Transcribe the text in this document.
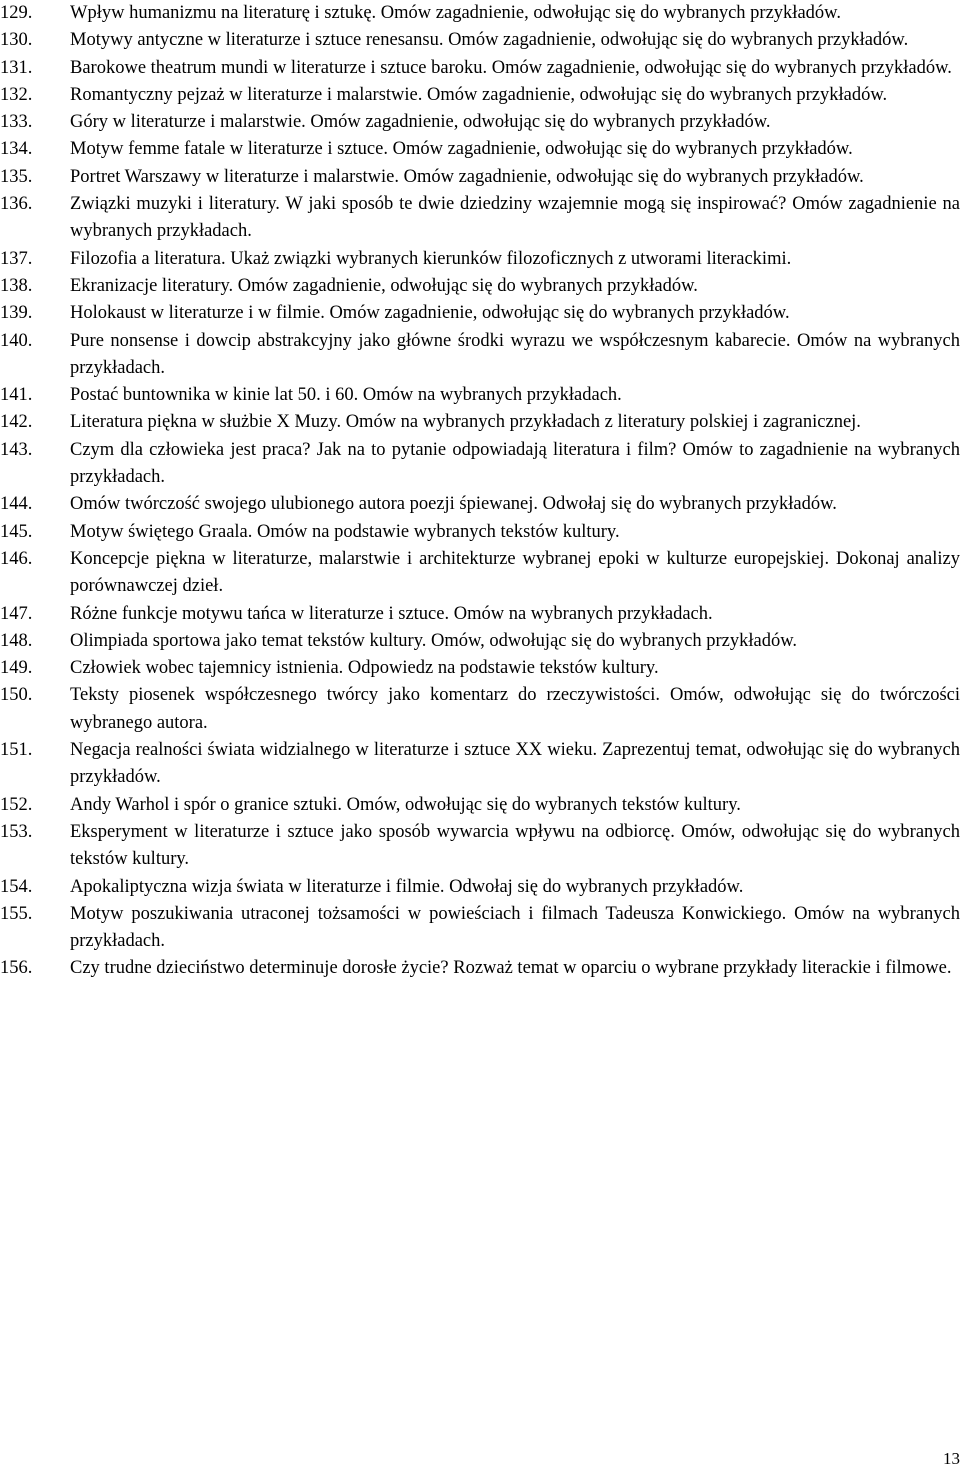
129.	Wpływ humanizmu na literaturę i sztukę. Omów zagadnienie, odwołując się do wybranych przykładów.
130.	Motywy antyczne w literaturze i sztuce renesansu. Omów zagadnienie, odwołując się do wybranych przykładów.
131.	Barokowe theatrum mundi w literaturze i sztuce baroku. Omów zagadnienie, odwołując się do wybranych przykładów.
132.	Romantyczny pejzaż w literaturze i malarstwie. Omów zagadnienie, odwołując się do wybranych przykładów.
133.	Góry w literaturze i malarstwie. Omów zagadnienie, odwołując się do wybranych przykładów.
134.	Motyw femme fatale w literaturze i sztuce. Omów zagadnienie, odwołując się do wybranych przykładów.
135.	Portret Warszawy w literaturze i malarstwie. Omów zagadnienie, odwołując się do wybranych przykładów.
136.	Związki muzyki i literatury. W jaki sposób te dwie dziedziny wzajemnie mogą się inspirować? Omów zagadnienie na wybranych przykładach.
137.	Filozofia a literatura. Ukaż związki wybranych kierunków filozoficznych z utworami literackimi.
138.	Ekranizacje literatury. Omów zagadnienie, odwołując się do wybranych przykładów.
139.	Holokaust w literaturze i w filmie. Omów zagadnienie, odwołując się do wybranych przykładów.
140.	Pure nonsense i dowcip abstrakcyjny jako główne środki wyrazu we współczesnym kabarecie. Omów na wybranych przykładach.
141.	Postać buntownika w kinie lat 50. i 60. Omów na wybranych przykładach.
142.	Literatura piękna w służbie X Muzy. Omów na wybranych przykładach z literatury polskiej i zagranicznej.
143.	Czym dla człowieka jest praca? Jak na to pytanie odpowiadają literatura i film? Omów to zagadnienie na wybranych przykładach.
144.	Omów twórczość swojego ulubionego autora poezji śpiewanej. Odwołaj się do wybranych przykładów.
145.	Motyw świętego Graala. Omów na podstawie wybranych tekstów kultury.
146.	Koncepcje piękna w literaturze, malarstwie i architekturze wybranej epoki w kulturze europejskiej. Dokonaj analizy porównawczej dzieł.
147.	Różne funkcje motywu tańca w literaturze i sztuce. Omów na wybranych przykładach.
148.	Olimpiada sportowa jako temat tekstów kultury. Omów, odwołując się do wybranych przykładów.
149.	Człowiek wobec tajemnicy istnienia. Odpowiedz na podstawie tekstów kultury.
150.	Teksty piosenek współczesnego twórcy jako komentarz do rzeczywistości. Omów, odwołując się do twórczości wybranego autora.
151.	Negacja realności świata widzialnego w literaturze i sztuce XX wieku. Zaprezentuj temat, odwołując się do wybranych przykładów.
152.	Andy Warhol i spór o granice sztuki. Omów, odwołując się do wybranych tekstów kultury.
153.	Eksperyment w literaturze i sztuce jako sposób wywarcia wpływu na odbiorcę. Omów, odwołując się do wybranych tekstów kultury.
154.	Apokaliptyczna wizja świata w literaturze i filmie. Odwołaj się do wybranych przykładów.
155.	Motyw poszukiwania utraconej tożsamości w powieściach i filmach Tadeusza Konwickiego. Omów na wybranych przykładach.
156.	Czy trudne dzieciństwo determinuje dorosłe życie? Rozważ temat w oparciu o wybrane przykłady literackie i filmowe.
13
